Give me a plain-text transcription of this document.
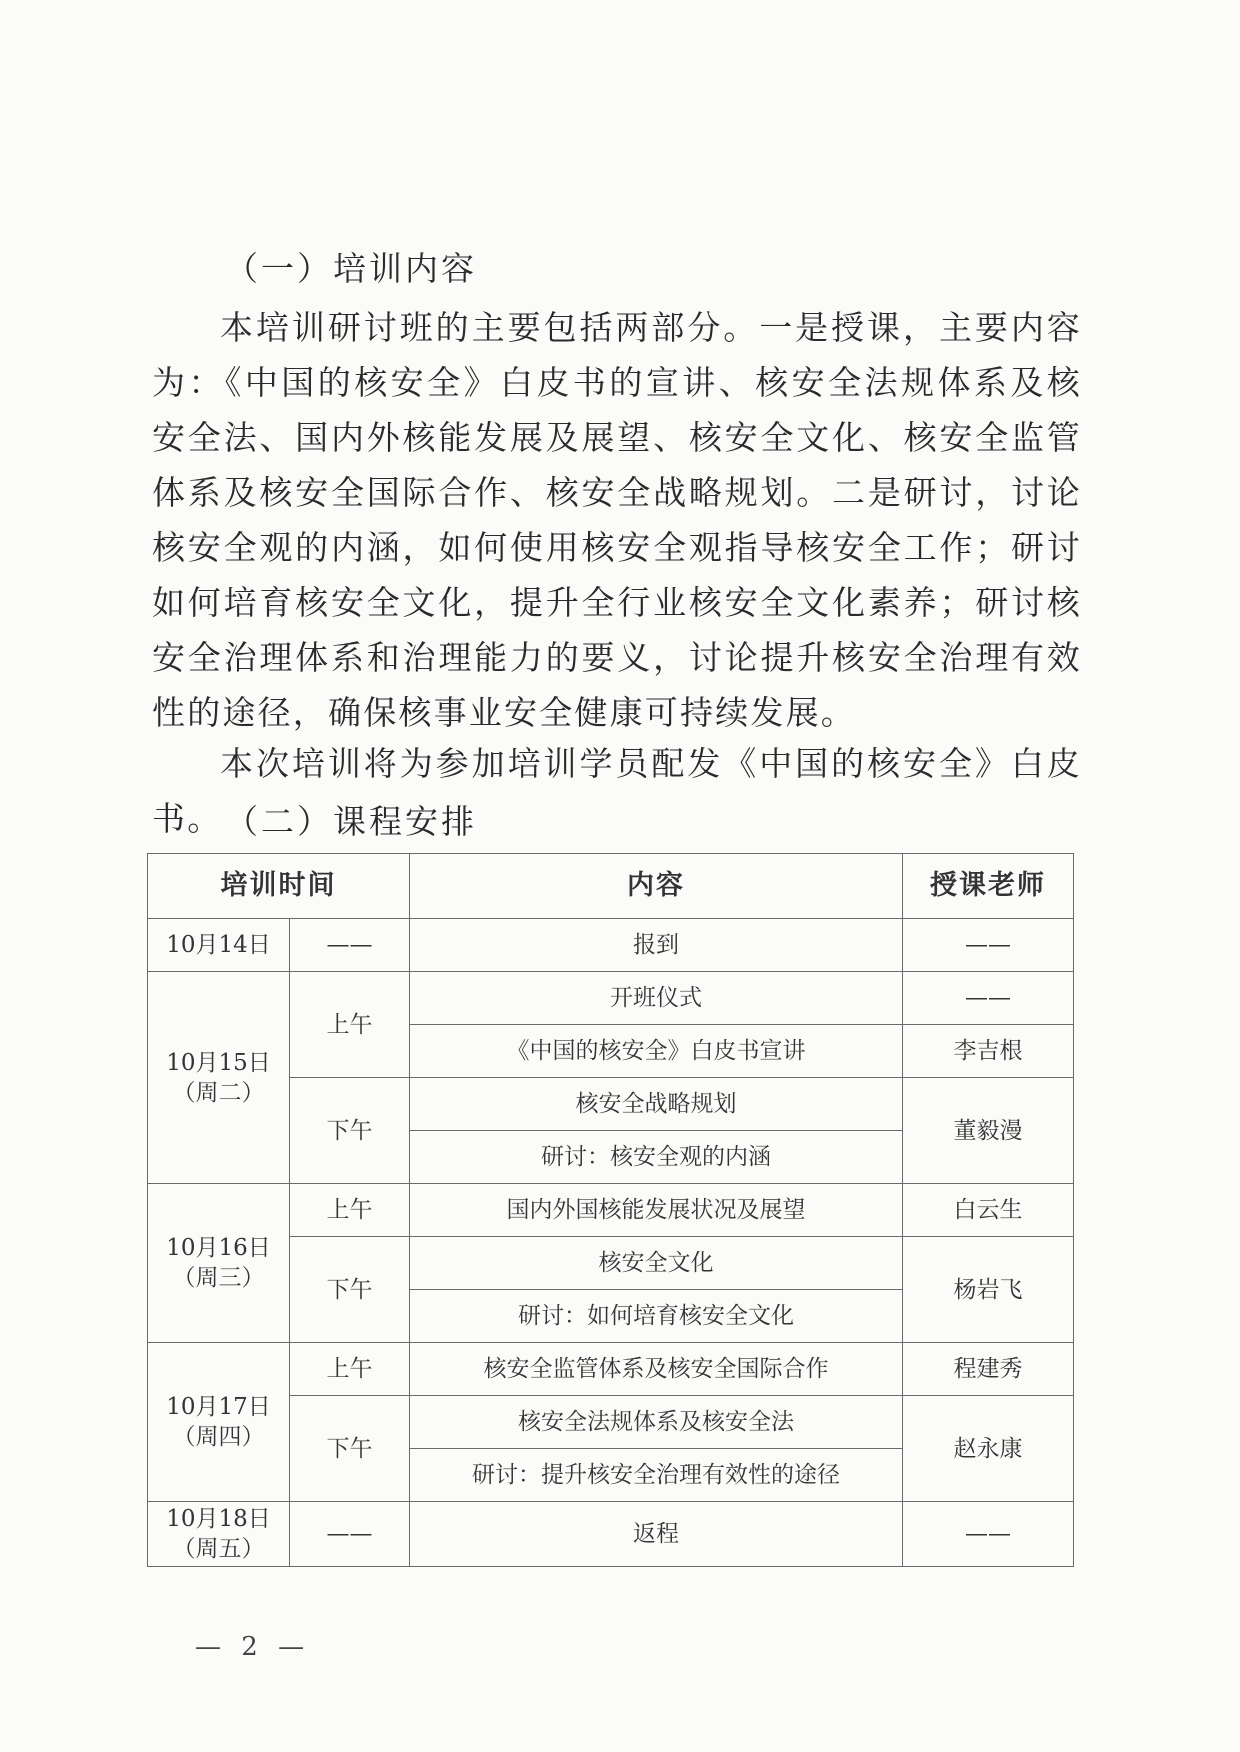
（一）培训内容

本培训研讨班的主要包括两部分。一是授课，主要内容为：《中国的核安全》白皮书的宣讲、核安全法规体系及核安全法、国内外核能发展及展望、核安全文化、核安全监管体系及核安全国际合作、核安全战略规划。二是研讨，讨论核安全观的内涵，如何使用核安全观指导核安全工作；研讨如何培育核安全文化，提升全行业核安全文化素养；研讨核安全治理体系和治理能力的要义，讨论提升核安全治理有效性的途径，确保核事业安全健康可持续发展。

本次培训将为参加培训学员配发《中国的核安全》白皮书。 （二）课程安排
培训时间		内容	授课老师
10月14日	——	报到	——

10月15日
（周二）	上午	开班仪式	——
		《中国的核安全》白皮书宣讲	李吉根
	下午	核安全战略规划	董毅漫
		研讨：核安全观的内涵	

10月16日
（周三）	上午	国内外国核能发展状况及展望	白云生
	下午	核安全文化	杨岩飞
		研讨：如何培育核安全文化	

10月17日
（周四）	上午	核安全监管体系及核安全国际合作	程建秀
	下午	核安全法规体系及核安全法	赵永康
		研讨：提升核安全治理有效性的途径	

10月18日
（周五）	——	返程	——
— 2 —
